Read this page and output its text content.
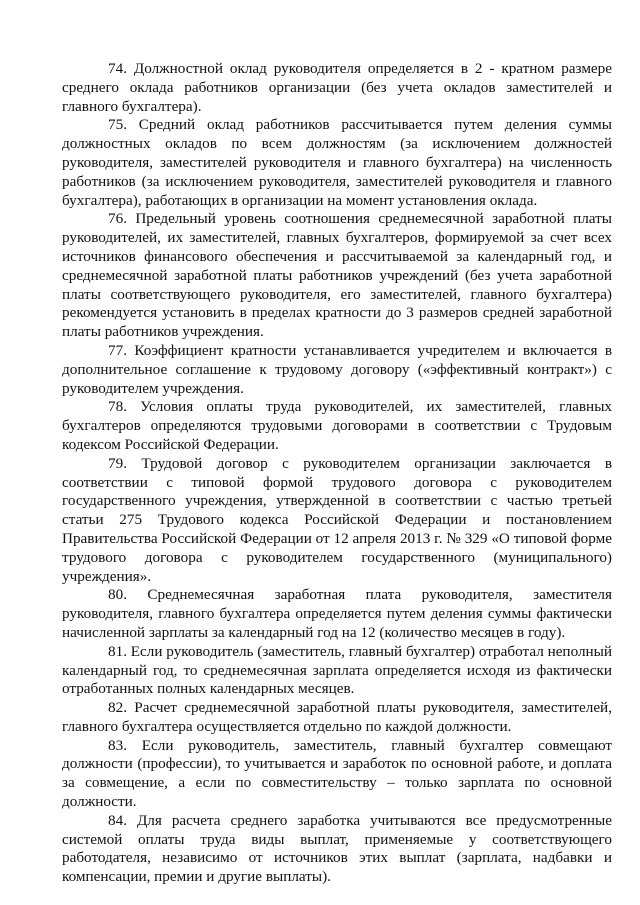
74. Должностной оклад руководителя определяется в 2 - кратном размере среднего оклада работников организации (без учета окладов заместителей и главного бухгалтера).

75. Средний оклад работников рассчитывается путем деления суммы должностных окладов по всем должностям (за исключением должностей руководителя, заместителей руководителя и главного бухгалтера) на численность работников (за исключением руководителя, заместителей руководителя и главного бухгалтера), работающих в организации на момент установления оклада.

76. Предельный уровень соотношения среднемесячной заработной платы руководителей, их заместителей, главных бухгалтеров, формируемой за счет всех источников финансового обеспечения и рассчитываемой за календарный год, и среднемесячной заработной платы работников учреждений (без учета заработной платы соответствующего руководителя, его заместителей, главного бухгалтера) рекомендуется установить в пределах кратности до 3 размеров средней заработной платы работников учреждения.

77. Коэффициент кратности устанавливается учредителем и включается в дополнительное соглашение к трудовому договору («эффективный контракт») с руководителем учреждения.

78. Условия оплаты труда руководителей, их заместителей, главных бухгалтеров определяются трудовыми договорами в соответствии с Трудовым кодексом Российской Федерации.

79. Трудовой договор с руководителем организации заключается в соответствии с типовой формой трудового договора с руководителем государственного учреждения, утвержденной в соответствии с частью третьей статьи 275 Трудового кодекса Российской Федерации и постановлением Правительства Российской Федерации от 12 апреля 2013 г. № 329 «О типовой форме трудового договора с руководителем государственного (муниципального) учреждения».

80. Среднемесячная заработная плата руководителя, заместителя руководителя, главного бухгалтера определяется путем деления суммы фактически начисленной зарплаты за календарный год на 12 (количество месяцев в году).

81. Если руководитель (заместитель, главный бухгалтер) отработал неполный календарный год, то среднемесячная зарплата определяется исходя из фактически отработанных полных календарных месяцев.

82. Расчет среднемесячной заработной платы руководителя, заместителей, главного бухгалтера осуществляется отдельно по каждой должности.

83. Если руководитель, заместитель, главный бухгалтер совмещают должности (профессии), то учитывается и заработок по основной работе, и доплата за совмещение, а если по совместительству – только зарплата по основной должности.

84. Для расчета среднего заработка учитываются все предусмотренные системой оплаты труда виды выплат, применяемые у соответствующего работодателя, независимо от источников этих выплат (зарплата, надбавки и компенсации, премии и другие выплаты).
